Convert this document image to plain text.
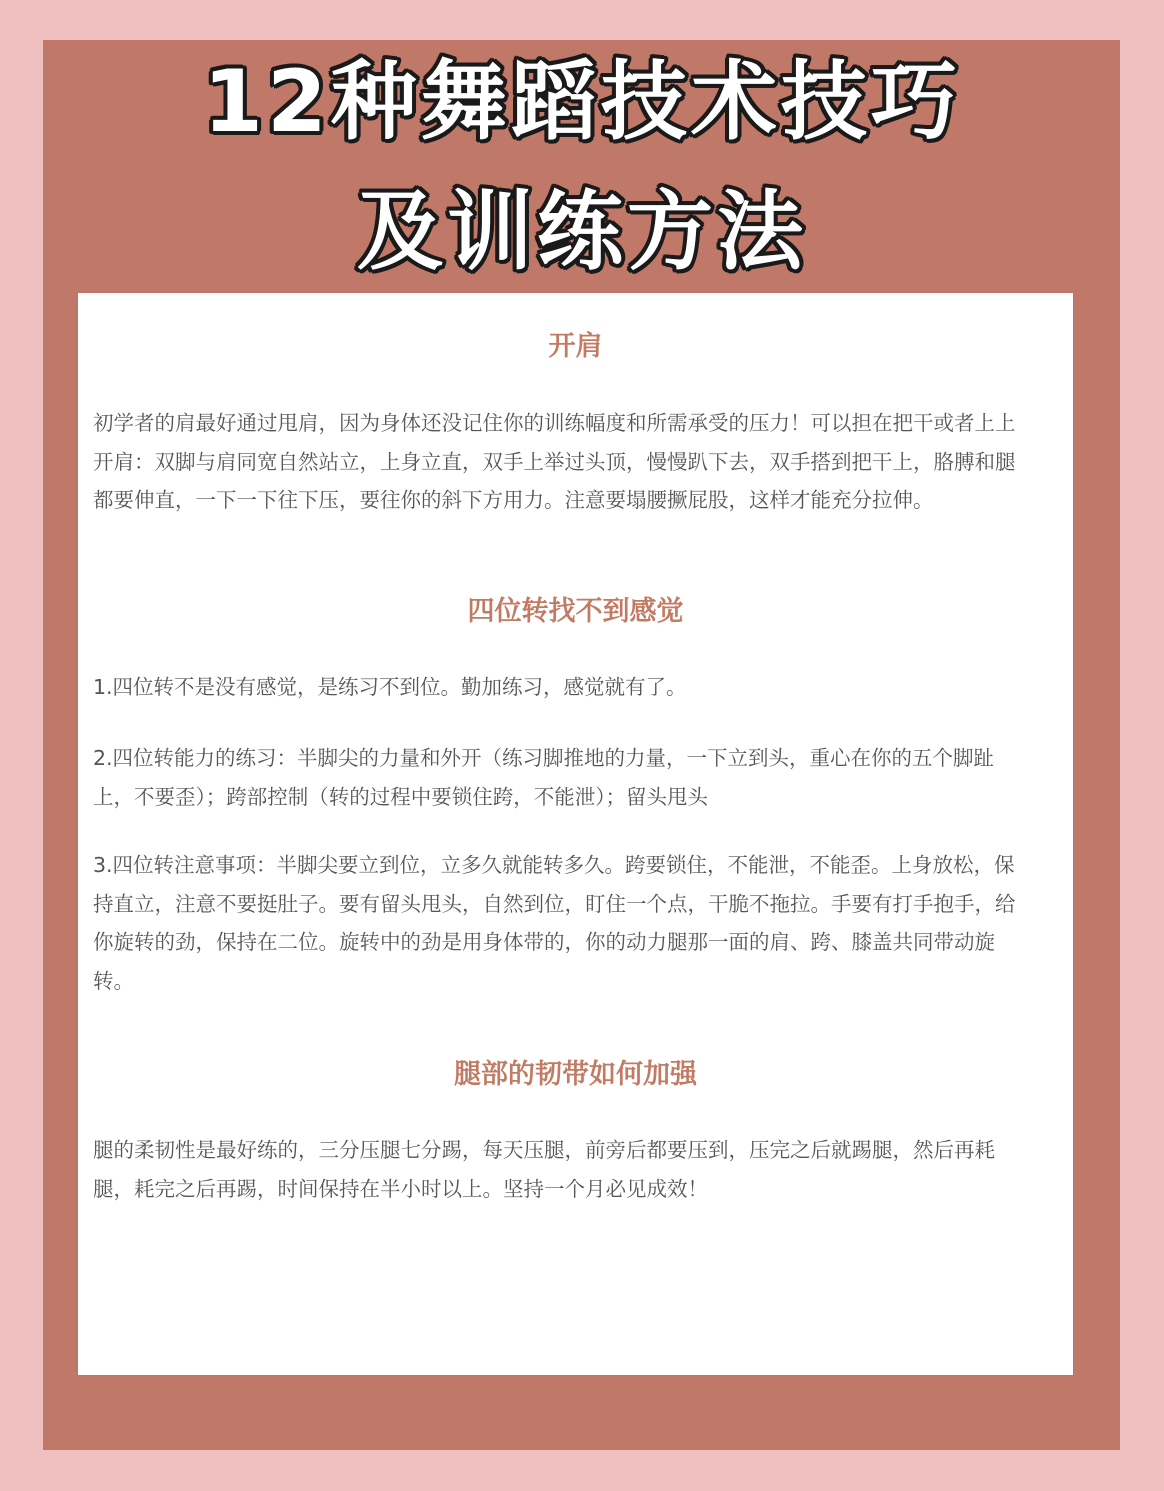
12种舞蹈技术技巧
及训练方法
开肩

初学者的肩最好通过甩肩，因为身体还没记住你的训练幅度和所需承受的压力！可以担在把干或者上上开肩：双脚与肩同宽自然站立，上身立直，双手上举过头顶，慢慢趴下去，双手搭到把干上，胳膊和腿都要伸直，一下一下往下压，要往你的斜下方用力。注意要塌腰撅屁股，这样才能充分拉伸。

四位转找不到感觉

1.四位转不是没有感觉，是练习不到位。勤加练习，感觉就有了。

2.四位转能力的练习：半脚尖的力量和外开（练习脚推地的力量，一下立到头，重心在你的五个脚趾上，不要歪）；跨部控制（转的过程中要锁住跨，不能泄）；留头甩头

3.四位转注意事项：半脚尖要立到位，立多久就能转多久。跨要锁住，不能泄，不能歪。上身放松，保持直立，注意不要挺肚子。要有留头甩头，自然到位，盯住一个点，干脆不拖拉。手要有打手抱手，给你旋转的劲，保持在二位。旋转中的劲是用身体带的，你的动力腿那一面的肩、跨、膝盖共同带动旋转。

腿部的韧带如何加强

腿的柔韧性是最好练的，三分压腿七分踢，每天压腿，前旁后都要压到，压完之后就踢腿，然后再耗腿，耗完之后再踢，时间保持在半小时以上。坚持一个月必见成效！
